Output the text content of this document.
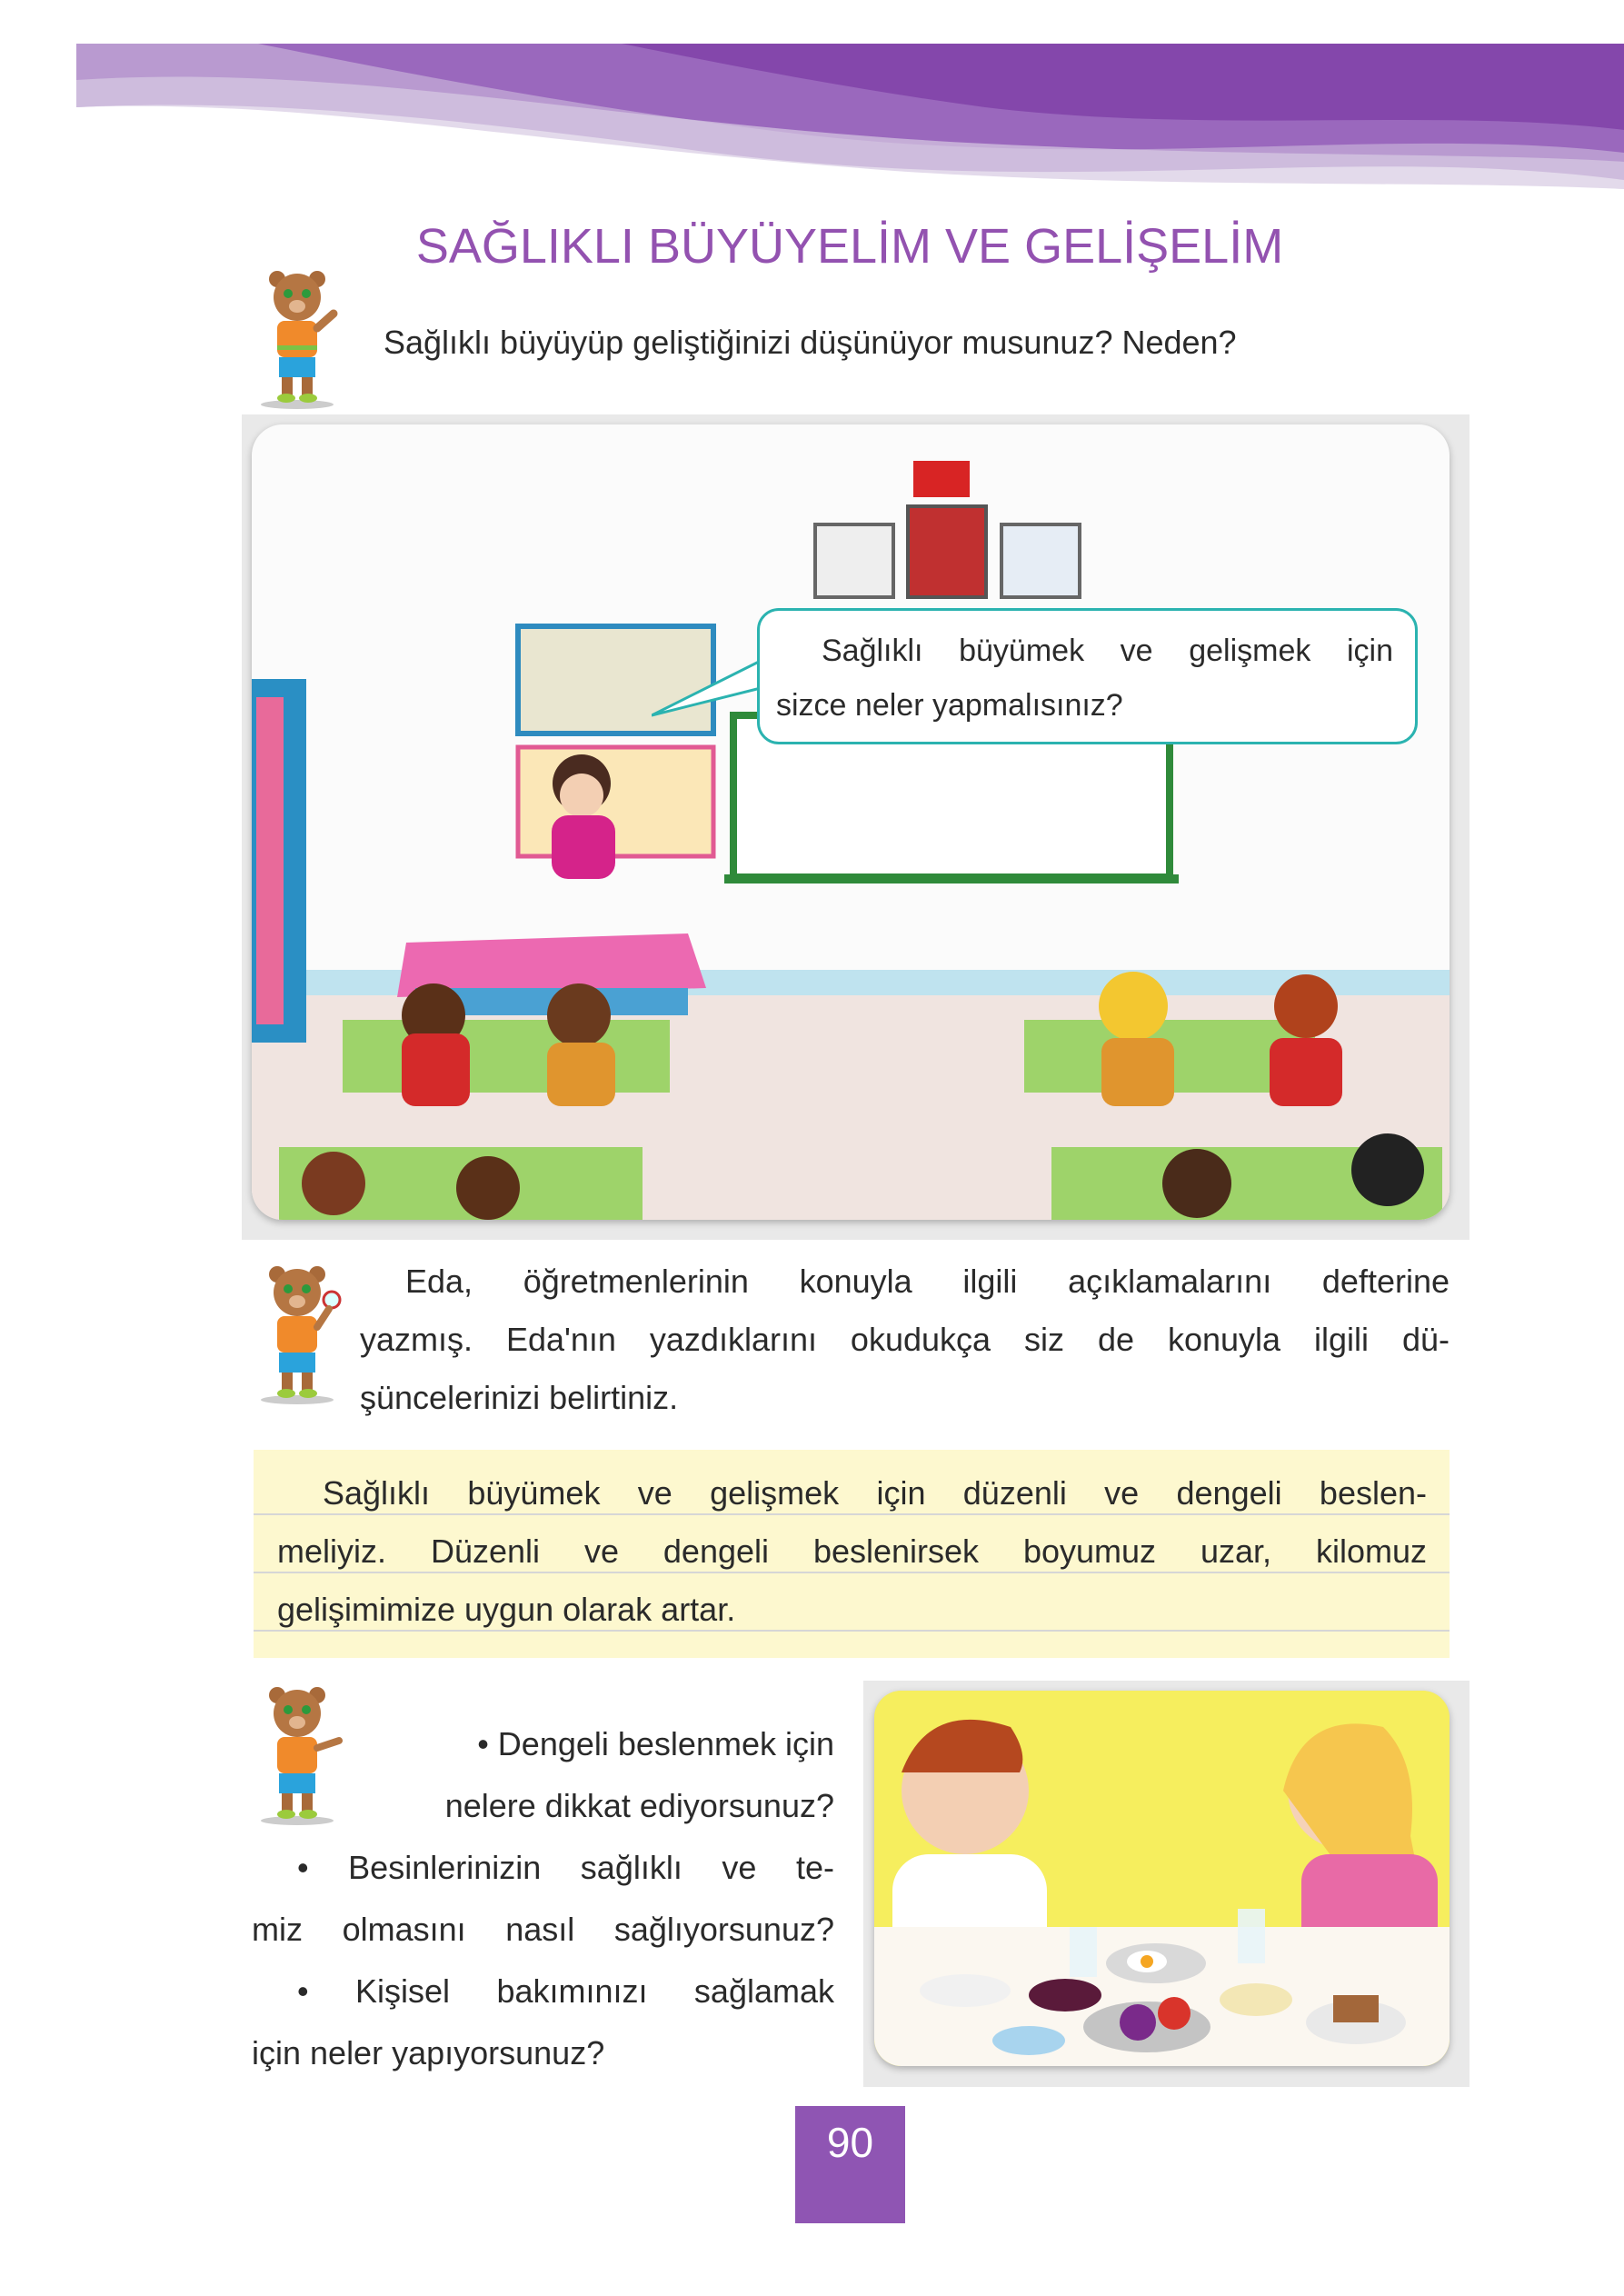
SAĞLIKLI BÜYÜYELİM VE GELİŞELİM
Sağlıklı büyüyüp geliştiğinizi düşünüyor musunuz? Neden?
Sağlıklı büyümek ve gelişmek için
sizce neler yapmalısınız?
Eda, öğretmenlerinin konuyla ilgili açıklamalarını defterine
yazmış. Eda'nın yazdıklarını okudukça siz de konuyla ilgili dü-
şüncelerinizi belirtiniz.
Sağlıklı büyümek ve gelişmek için düzenli ve dengeli beslen-
meliyiz. Düzenli ve dengeli beslenirsek boyumuz uzar, kilomuz
gelişimimize uygun olarak artar.
• Dengeli beslenmek için
nelere dikkat ediyorsunuz?
• Besinlerinizin sağlıklı ve te-
miz olmasını nasıl sağlıyorsunuz?
• Kişisel bakımınızı sağlamak
için neler yapıyorsunuz?
90
